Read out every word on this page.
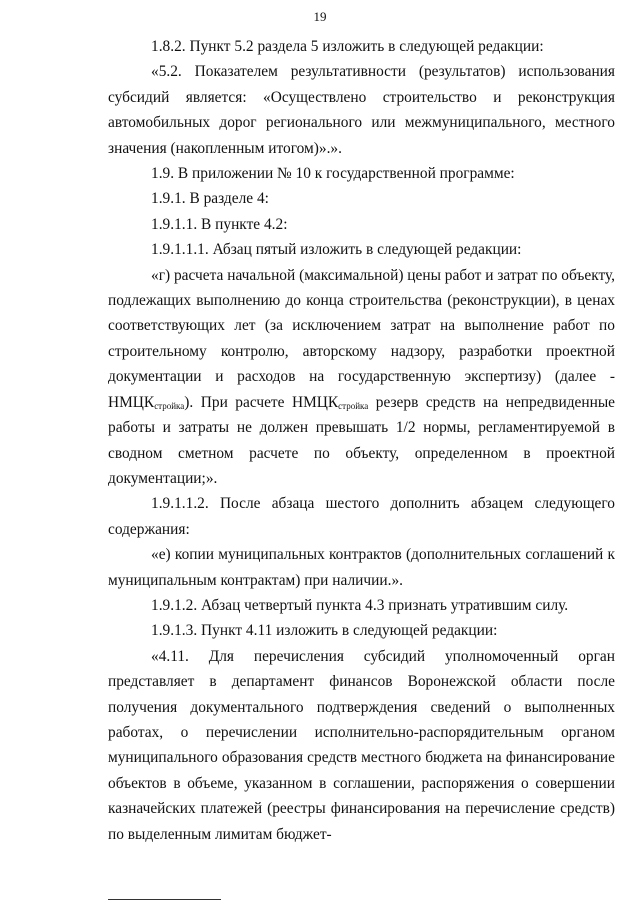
19

1.8.2. Пункт 5.2 раздела 5 изложить в следующей редакции:

«5.2. Показателем результативности (результатов) использования субсидий является: «Осуществлено строительство и реконструкция автомобильных дорог регионального или межмуниципального, местного значения (накопленным итогом)».».

1.9. В приложении № 10 к государственной программе:

1.9.1. В разделе 4:

1.9.1.1. В пункте 4.2:

1.9.1.1.1. Абзац пятый изложить в следующей редакции:

«г) расчета начальной (максимальной) цены работ и затрат по объекту, подлежащих выполнению до конца строительства (реконструкции), в ценах соответствующих лет (за исключением затрат на выполнение работ по строительному контролю, авторскому надзору, разработки проектной документации и расходов на государственную экспертизу) (далее - $НМЦК_{стройка}$). При расчете $НМЦК_{стройка}$ резерв средств на непредвиденные работы и затраты не должен превышать 1/2 нормы, регламентируемой в сводном сметном расчете по объекту, определенном в проектной документации;».

1.9.1.1.2. После абзаца шестого дополнить абзацем следующего содержания:

«е) копии муниципальных контрактов (дополнительных соглашений к муниципальным контрактам) при наличии.».

1.9.1.2. Абзац четвертый пункта 4.3 признать утратившим силу.

1.9.1.3. Пункт 4.11 изложить в следующей редакции:

«4.11. Для перечисления субсидий уполномоченный орган представляет в департамент финансов Воронежской области после получения документального подтверждения сведений о выполненных работах, о перечислении исполнительно-распорядительным органом муниципального образования средств местного бюджета на финансирование объектов в объеме, указанном в соглашении, распоряжения о совершении казначейских платежей (реестры финансирования на перечисление средств) по выделенным лимитам бюджет-
